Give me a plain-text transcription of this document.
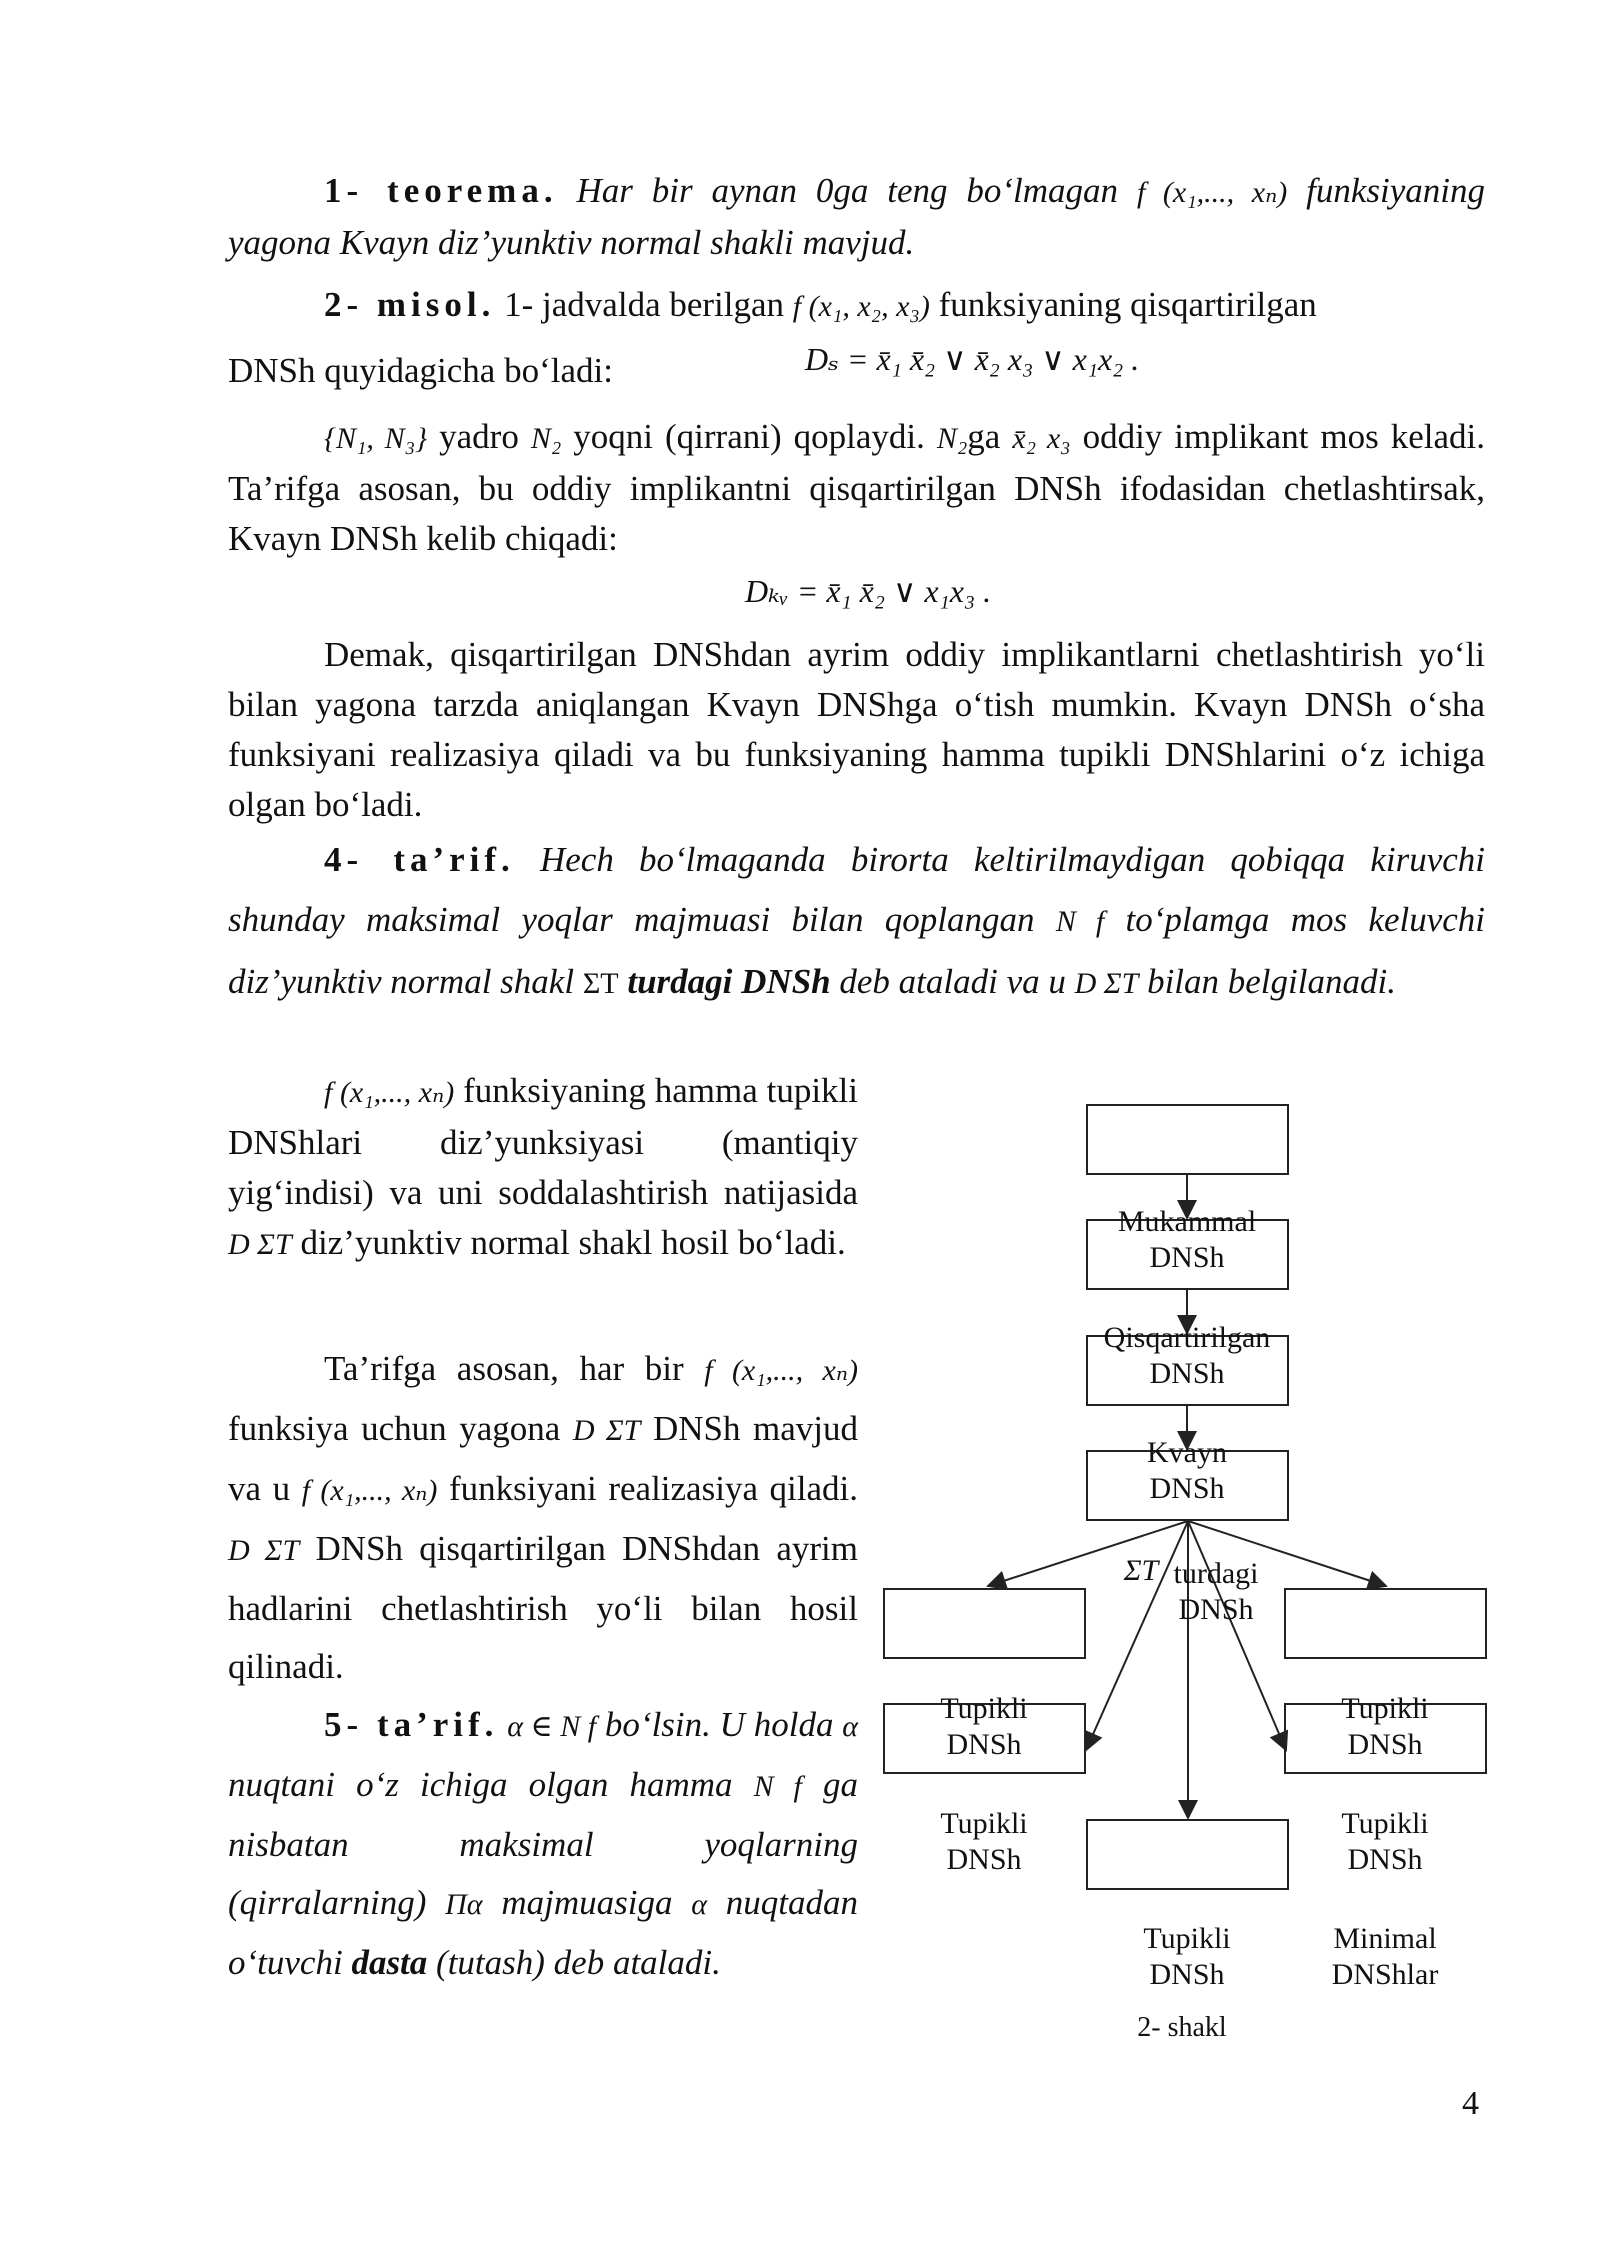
1- teorema. Har bir aynan 0ga teng bo‘lmagan f (x₁,..., xₙ) funksiyaning yagona Kvayn diz’yunktiv normal shakli mavjud.
2- misol. 1- jadvalda berilgan f (x₁, x₂, x₃) funksiyaning qisqartirilgan
DNSh quyidagicha bo‘ladi:	Dₛ = x̄₁ x̄₂ ∨ x̄₂ x₃ ∨ x₁x₂ .
{N₁, N₃} yadro N₂ yoqni (qirrani) qoplaydi. N₂ga x̄₂ x₃ oddiy implikant mos keladi. Ta’rifga asosan, bu oddiy implikantni qisqartirilgan DNSh ifodasidan chetlashtirsak, Kvayn DNSh kelib chiqadi:
Dₖᵥ = x̄₁ x̄₂ ∨ x₁x₃ .
Demak, qisqartirilgan DNShdan ayrim oddiy implikantlarni chetlashtirish yo‘li bilan yagona tarzda aniqlangan Kvayn DNShga o‘tish mumkin. Kvayn DNSh o‘sha funksiyani realizasiya qiladi va bu funksiyaning hamma tupikli DNShlarini o‘z ichiga olgan bo‘ladi.
4- ta’rif. Hech bo‘lmaganda birorta keltirilmaydigan qobiqqa kiruvchi shunday maksimal yoqlar majmuasi bilan qoplangan N f to‘plamga mos keluvchi diz’yunktiv normal shakl ΣT turdagi DNSh deb ataladi va u D ΣT bilan belgilanadi.
f (x₁,..., xₙ) funksiyaning hamma tupikli DNShlari diz’yunksiyasi (mantiqiy yig‘indisi) va uni soddalashtirish natijasida D ΣT diz’yunktiv normal shakl hosil bo‘ladi.
Ta’rifga asosan, har bir f (x₁,..., xₙ) funksiya uchun yagona D ΣT DNSh mavjud va u f (x₁,..., xₙ) funksiyani realizasiya qiladi. D ΣT DNSh qisqartirilgan DNShdan ayrim hadlarini chetlashtirish yo‘li bilan hosil qilinadi.
5- ta’rif. α ∈ N f bo‘lsin. U holda α nuqtani o‘z ichiga olgan hamma N f ga nisbatan maksimal yoqlarning (qirralarning) Πα majmuasiga α nuqtadan o‘tuvchi dasta (tutash) deb ataladi.
Mukammal
DNSh
Qisqartirilgan
DNSh
Kvayn
DNSh
ΣT turdagi
DNSh
Tupikli
DNSh
Tupikli
DNSh
Tupikli
DNSh
Tupikli
DNSh
Tupikli
DNSh
Minimal
DNShlar
2- shakl
4
